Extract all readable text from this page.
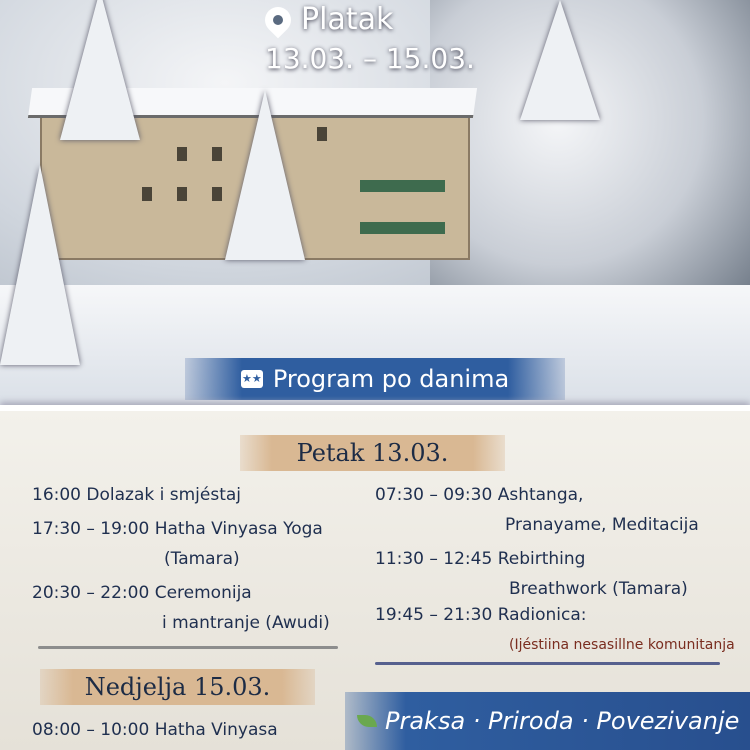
Platak
13.03. – 15.03.
★★ Program po danima
Petak 13.03.
16:00 Dolazak i smjéstaj
17:30 – 19:00 Hatha Vinyasa Yoga
(Tamara)
20:30 – 22:00 Ceremonija
i mantranje (Awudi)
07:30 – 09:30 Ashtanga,
Pranayame, Meditacija
11:30 – 12:45 Rebirthing
Breathwork (Tamara)
19:45 – 21:30 Radionica:
(Ijéstiina nesasillne komunitanja
Nedjelja 15.03.
08:00 – 10:00 Hatha Vinyasa	Praksa · Priroda · Povezivanje
